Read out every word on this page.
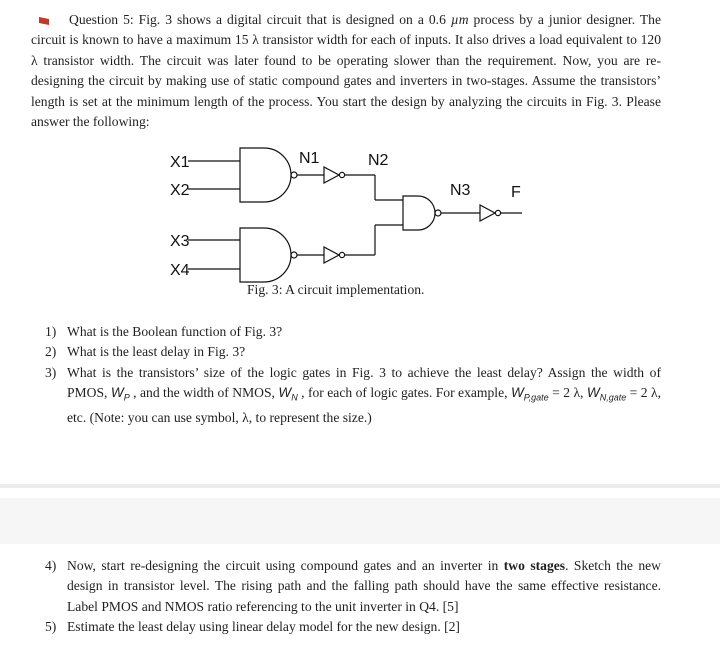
Question 5: Fig. 3 shows a digital circuit that is designed on a 0.6 µm process by a junior designer. The circuit is known to have a maximum 15 λ transistor width for each of inputs. It also drives a load equivalent to 120 λ transistor width. The circuit was later found to be operating slower than the requirement. Now, you are re-designing the circuit by making use of static compound gates and inverters in two-stages. Assume the transistors’ length is set at the minimum length of the process. You start the design by analyzing the circuits in Fig. 3. Please answer the following:
X1
X2
X3
X4
N1	N2
N3	F
Fig. 3: A circuit implementation.
1) What is the Boolean function of Fig. 3?
2) What is the least delay in Fig. 3?
3) What is the transistors’ size of the logic gates in Fig. 3 to achieve the least delay? Assign the width of PMOS, $W_P$ , and the width of NMOS, $W_N$ , for each of logic gates. For example, $W_{P,gate} = 2$ λ, $W_{N,gate} = 2$ λ, etc. (Note: you can use symbol, λ, to represent the size.)
4) Now, start re-designing the circuit using compound gates and an inverter in two stages. Sketch the new design in transistor level. The rising path and the falling path should have the same effective resistance. Label PMOS and NMOS ratio referencing to the unit inverter in Q4. [5]
5) Estimate the least delay using linear delay model for the new design. [2]
